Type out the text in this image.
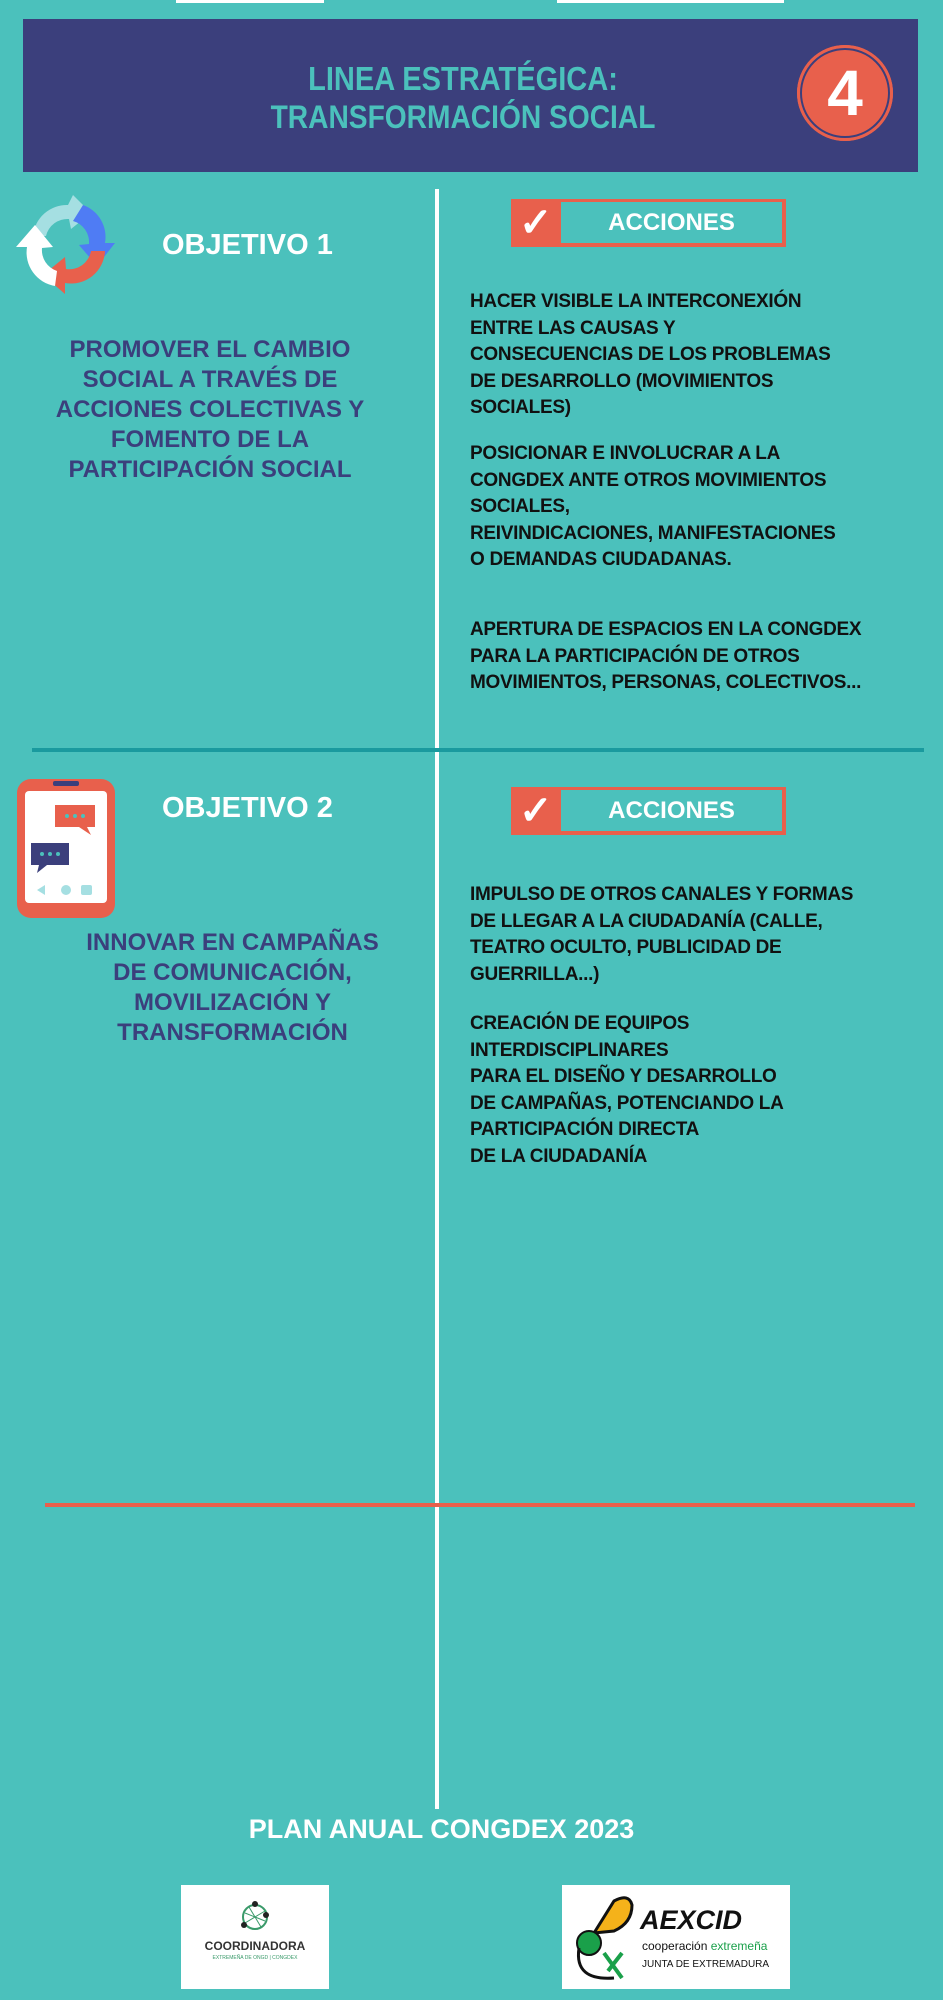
LINEA ESTRATÉGICA:
TRANSFORMACIÓN SOCIAL	4
OBJETIVO 1
PROMOVER EL CAMBIO
SOCIAL A TRAVÉS DE
ACCIONES COLECTIVAS Y
FOMENTO DE LA
PARTICIPACIÓN SOCIAL
✓	ACCIONES
HACER VISIBLE LA INTERCONEXIÓN
ENTRE LAS CAUSAS Y
CONSECUENCIAS DE LOS PROBLEMAS
DE DESARROLLO (MOVIMIENTOS
SOCIALES)
POSICIONAR E INVOLUCRAR A LA
CONGDEX ANTE OTROS MOVIMIENTOS
SOCIALES,
REIVINDICACIONES, MANIFESTACIONES
O DEMANDAS CIUDADANAS.
APERTURA DE ESPACIOS EN LA CONGDEX
PARA LA PARTICIPACIÓN DE OTROS
MOVIMIENTOS, PERSONAS, COLECTIVOS...
OBJETIVO 2
INNOVAR EN CAMPAÑAS
DE COMUNICACIÓN,
MOVILIZACIÓN Y
TRANSFORMACIÓN
✓	ACCIONES
IMPULSO DE OTROS CANALES Y FORMAS
DE LLEGAR A LA CIUDADANÍA (CALLE,
TEATRO OCULTO, PUBLICIDAD DE
GUERRILLA...)
CREACIÓN DE EQUIPOS
INTERDISCIPLINARES
PARA EL DISEÑO Y DESARROLLO
DE CAMPAÑAS, POTENCIANDO LA
PARTICIPACIÓN DIRECTA
DE LA CIUDADANÍA
PLAN ANUAL CONGDEX 2023
COORDINADORA
EXTREMEÑA DE ONGD | CONGDEX
AEXCID
cooperación extremeña
JUNTA DE EXTREMADURA
